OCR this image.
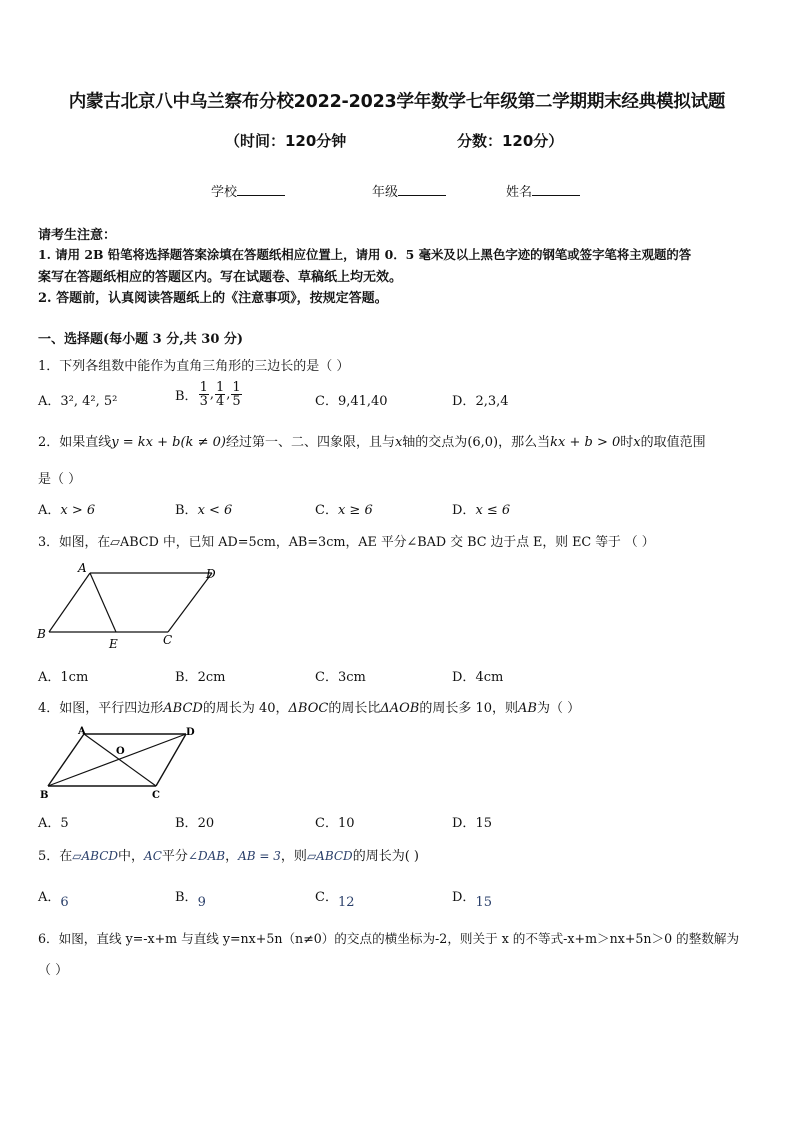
内蒙古北京八中乌兰察布分校2022-2023学年数学七年级第二学期期末经典模拟试题
（时间：120分钟	分数：120分）
学校	年级	姓名
请考生注意：
1. 请用 2B 铅笔将选择题答案涂填在答题纸相应位置上，请用 0．5 毫米及以上黑色字迹的钢笔或签字笔将主观题的答
案写在答题纸相应的答题区内。写在试题卷、草稿纸上均无效。
2. 答题前，认真阅读答题纸上的《注意事项》，按规定答题。
一、选择题(每小题 3 分,共 30 分)
1．下列各组数中能作为直角三角形的三边长的是（ ）
A．3², 4², 5²	B． $\frac{1}{3}$ , $\frac{1}{4}$ , $\frac{1}{5}$	C．9,41,40	D．2,3,4
2．如果直线y = kx + b(k ≠ 0)经过第一、二、四象限，且与x轴的交点为(6,0)，那么当kx + b > 0时x的取值范围
是（ ）
A．x > 6	B．x < 6	C．x ≥ 6	D．x ≤ 6
3．如图，在▱ABCD 中，已知 AD=5cm，AB=3cm，AE 平分∠BAD 交 BC 边于点 E，则 EC 等于 （ ）
A	D
B	C
E
A．1cm	B．2cm	C．3cm	D．4cm
4．如图，平行四边形ABCD的周长为 40，ΔBOC的周长比ΔAOB的周长多 10，则AB为（ ）
A	D
B	C
O
A．5	B．20	C．10	D．15
5．在▱ABCD中，AC平分∠DAB，AB = 3，则▱ABCD的周长为( )
A．6	B．9	C．12	D．15
6．如图，直线 y=-x+m 与直线 y=nx+5n（n≠0）的交点的横坐标为-2，则关于 x 的不等式-x+m＞nx+5n＞0 的整数解为
（ ）
